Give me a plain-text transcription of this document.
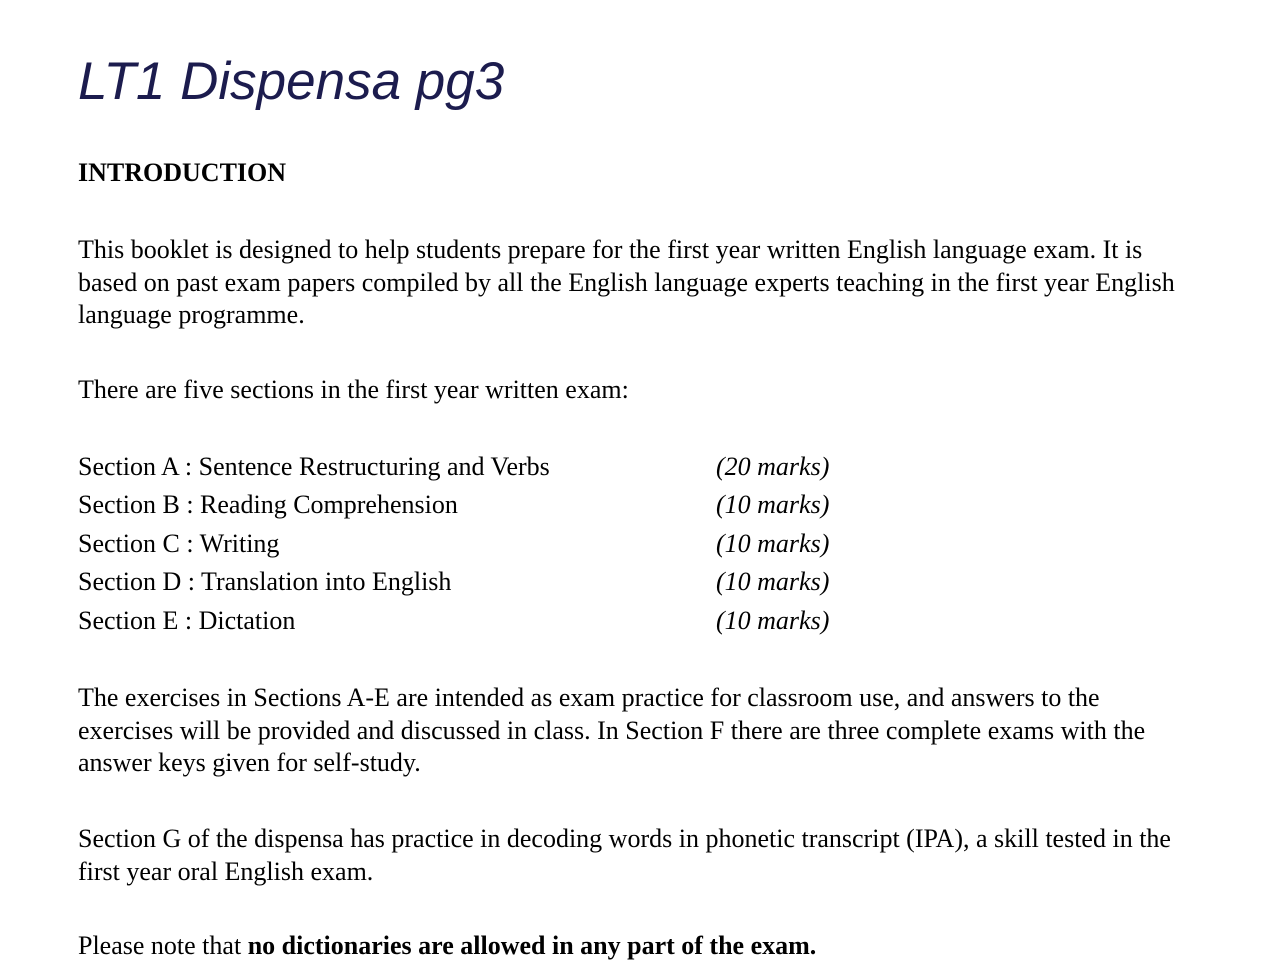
LT1 Dispensa pg3
INTRODUCTION

This booklet is designed to help students prepare for the first year written English language exam. It is based on past exam papers compiled by all the English language experts teaching in the first year English language programme.

There are five sections in the first year written exam:

Section A : Sentence Restructuring and Verbs	(20 marks)
Section B : Reading Comprehension	(10 marks)
Section C : Writing	(10 marks)
Section D : Translation into English	(10 marks)
Section E : Dictation	(10 marks)

The exercises in Sections A-E are intended as exam practice for classroom use, and answers to the exercises will be provided and discussed in class. In Section F there are three complete exams with the answer keys given for self-study.

Section G of the dispensa has practice in decoding words in phonetic transcript (IPA), a skill tested in the first year oral English exam.

Please note that no dictionaries are allowed in any part of the exam.
